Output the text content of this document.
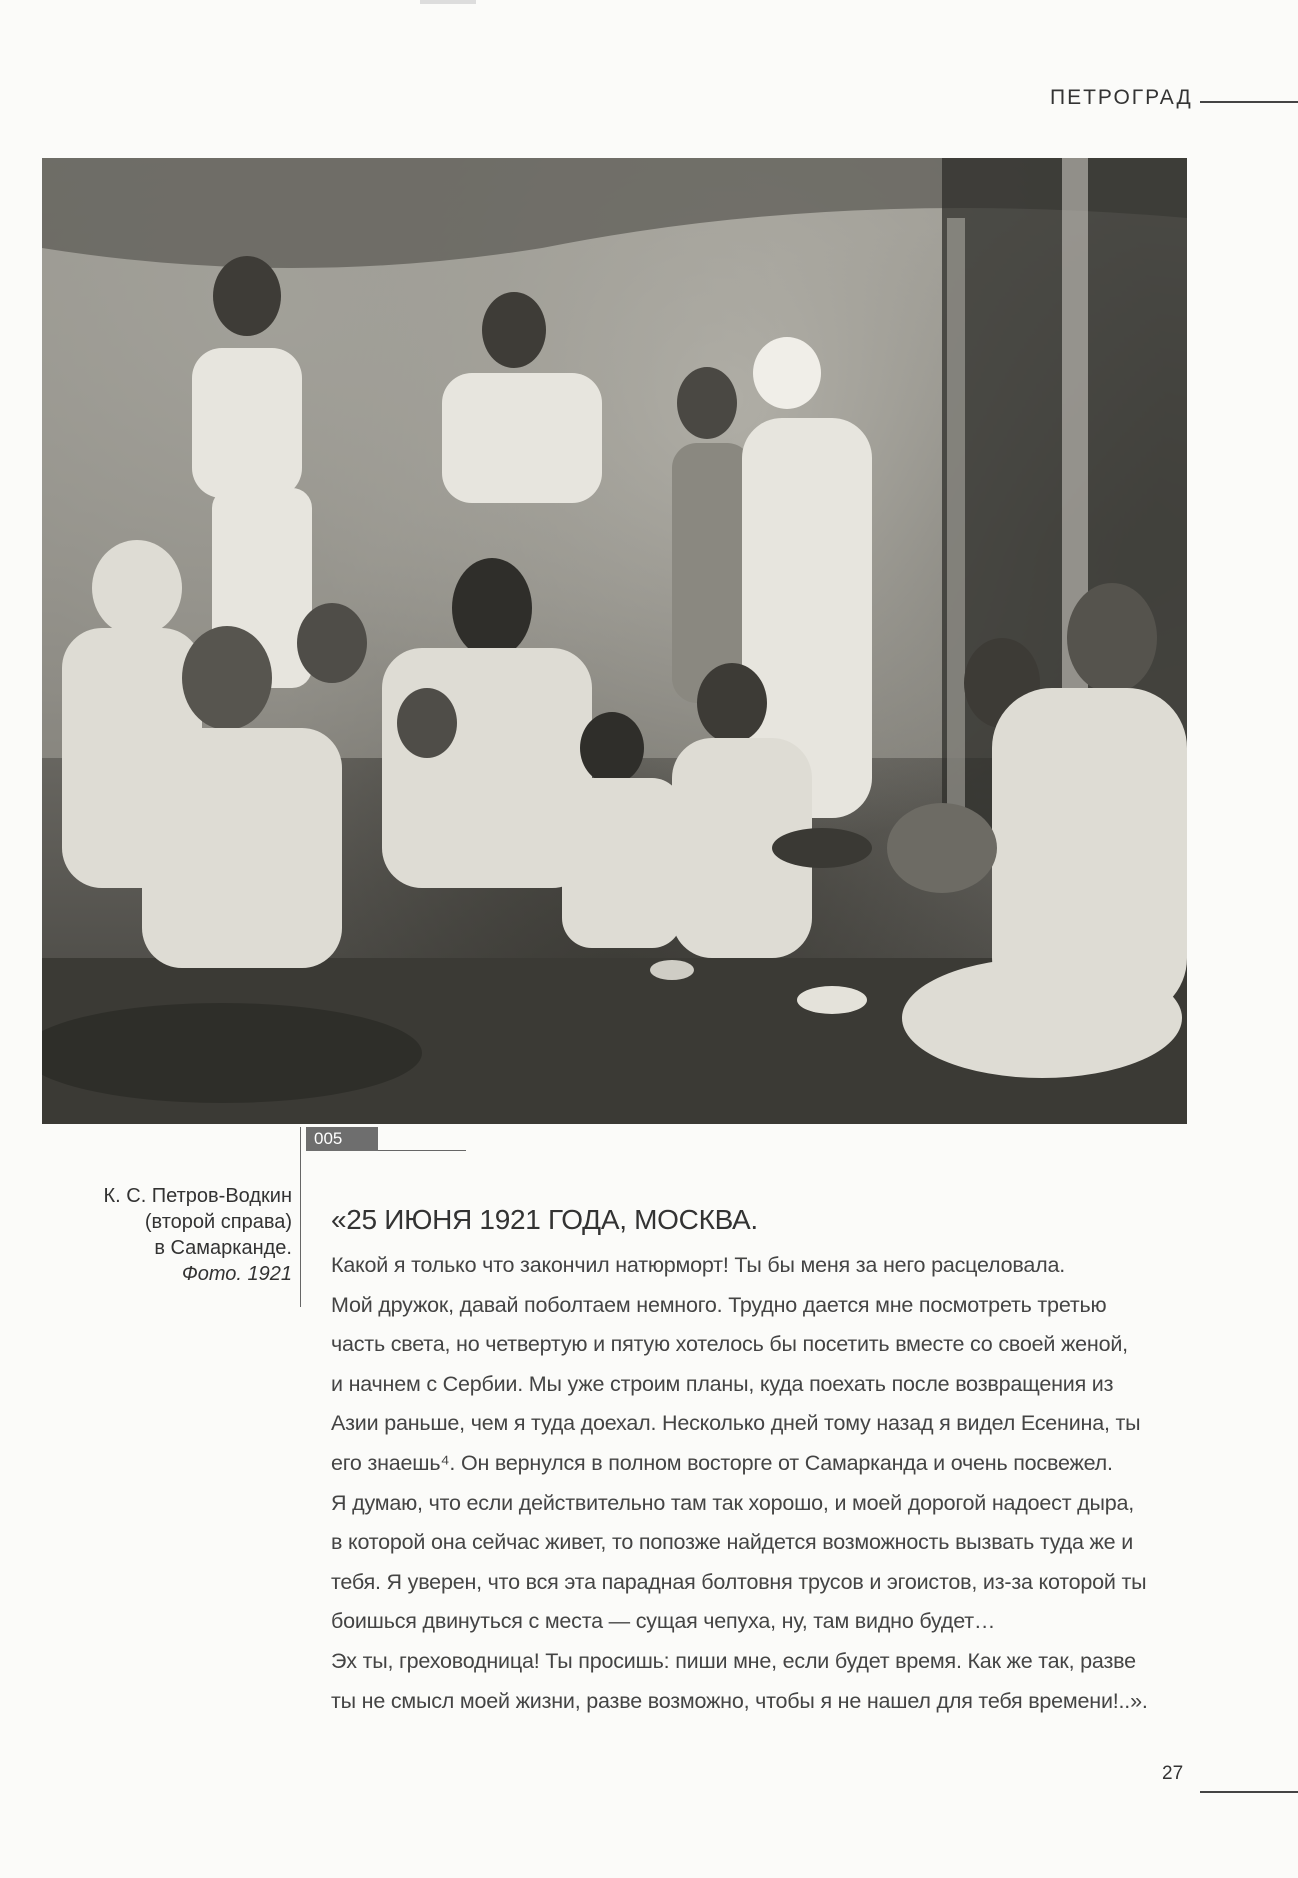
ПЕТРОГРАД
005
К. С. Петров-Водкин
(второй справа)
в Самарканде.
Фото. 1921
«25 ИЮНЯ 1921 ГОДА, МОСКВА.

Какой я только что закончил натюрморт! Ты бы меня за него расцеловала.

Мой дружок, давай поболтаем немного. Трудно дается мне посмотреть третью

часть света, но четвертую и пятую хотелось бы посетить вместе со своей женой,

и начнем с Сербии. Мы уже строим планы, куда поехать после возвращения из

Азии раньше, чем я туда доехал. Несколько дней тому назад я видел Есенина, ты

его знаешь⁴. Он вернулся в полном восторге от Самарканда и очень посвежел.

Я думаю, что если действительно там так хорошо, и моей дорогой надоест дыра,

в которой она сейчас живет, то попозже найдется возможность вызвать туда же и

тебя. Я уверен, что вся эта парадная болтовня трусов и эгоистов, из-за которой ты

боишься двинуться с места — сущая чепуха, ну, там видно будет…

Эх ты, греховодница! Ты просишь: пиши мне, если будет время. Как же так, разве

ты не смысл моей жизни, разве возможно, чтобы я не нашел для тебя времени!..».

27
